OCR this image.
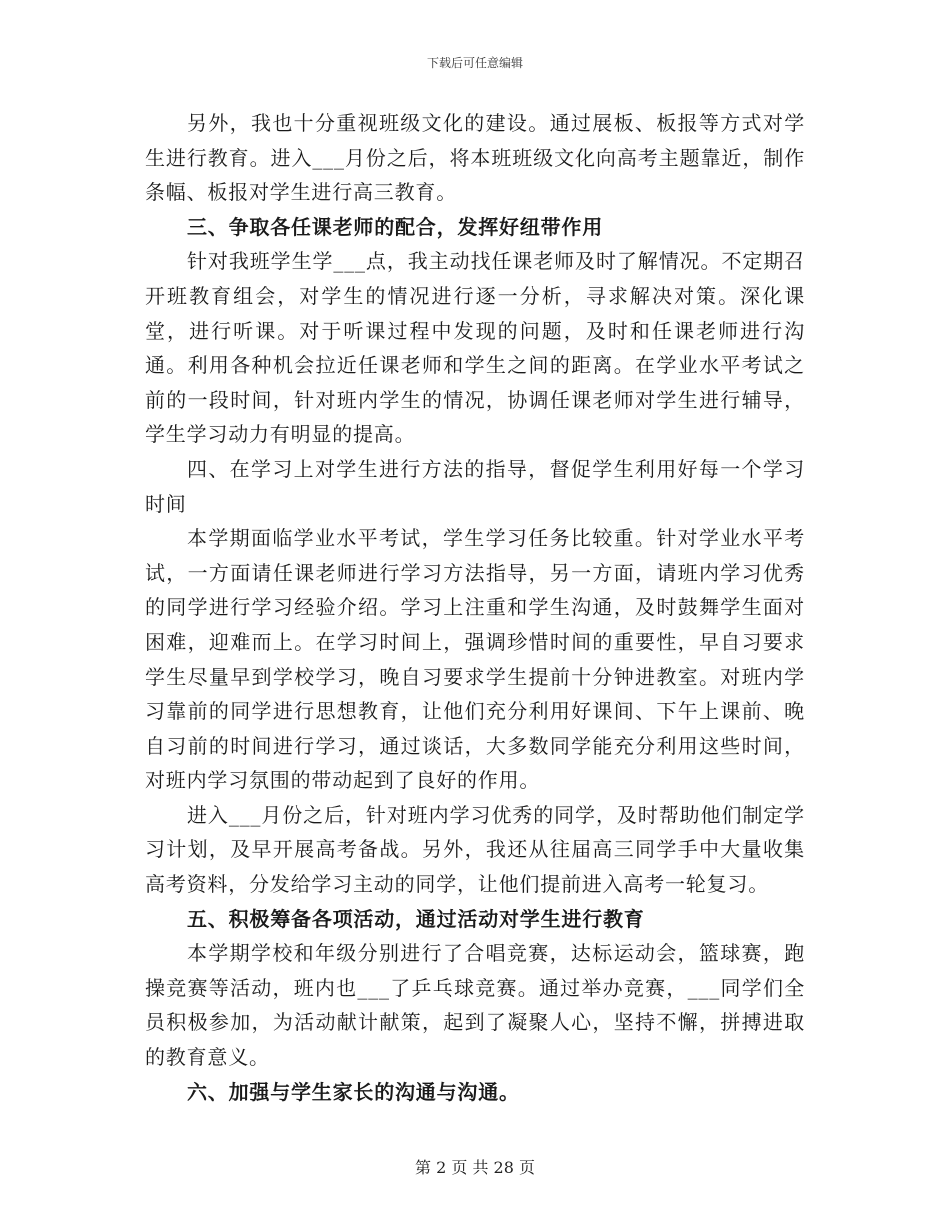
下载后可任意编辑

另外，我也十分重视班级文化的建设。通过展板、板报等方式对学生进行教育。进入___月份之后，将本班班级文化向高考主题靠近，制作条幅、板报对学生进行高三教育。

三、争取各任课老师的配合，发挥好纽带作用

针对我班学生学___点，我主动找任课老师及时了解情况。不定期召开班教育组会，对学生的情况进行逐一分析，寻求解决对策。深化课堂，进行听课。对于听课过程中发现的问题，及时和任课老师进行沟通。利用各种机会拉近任课老师和学生之间的距离。在学业水平考试之前的一段时间，针对班内学生的情况，协调任课老师对学生进行辅导，学生学习动力有明显的提高。

四、在学习上对学生进行方法的指导，督促学生利用好每一个学习时间

本学期面临学业水平考试，学生学习任务比较重。针对学业水平考试，一方面请任课老师进行学习方法指导，另一方面，请班内学习优秀的同学进行学习经验介绍。学习上注重和学生沟通，及时鼓舞学生面对困难，迎难而上。在学习时间上，强调珍惜时间的重要性，早自习要求学生尽量早到学校学习，晚自习要求学生提前十分钟进教室。对班内学习靠前的同学进行思想教育，让他们充分利用好课间、下午上课前、晚自习前的时间进行学习，通过谈话，大多数同学能充分利用这些时间，对班内学习氛围的带动起到了良好的作用。

进入___月份之后，针对班内学习优秀的同学，及时帮助他们制定学习计划，及早开展高考备战。另外，我还从往届高三同学手中大量收集高考资料，分发给学习主动的同学，让他们提前进入高考一轮复习。

五、积极筹备各项活动，通过活动对学生进行教育

本学期学校和年级分别进行了合唱竞赛，达标运动会，篮球赛，跑操竞赛等活动，班内也___了乒乓球竞赛。通过举办竞赛，___同学们全员积极参加，为活动献计献策，起到了凝聚人心，坚持不懈，拼搏进取的教育意义。

六、加强与学生家长的沟通与沟通。

第 2 页 共 28 页
